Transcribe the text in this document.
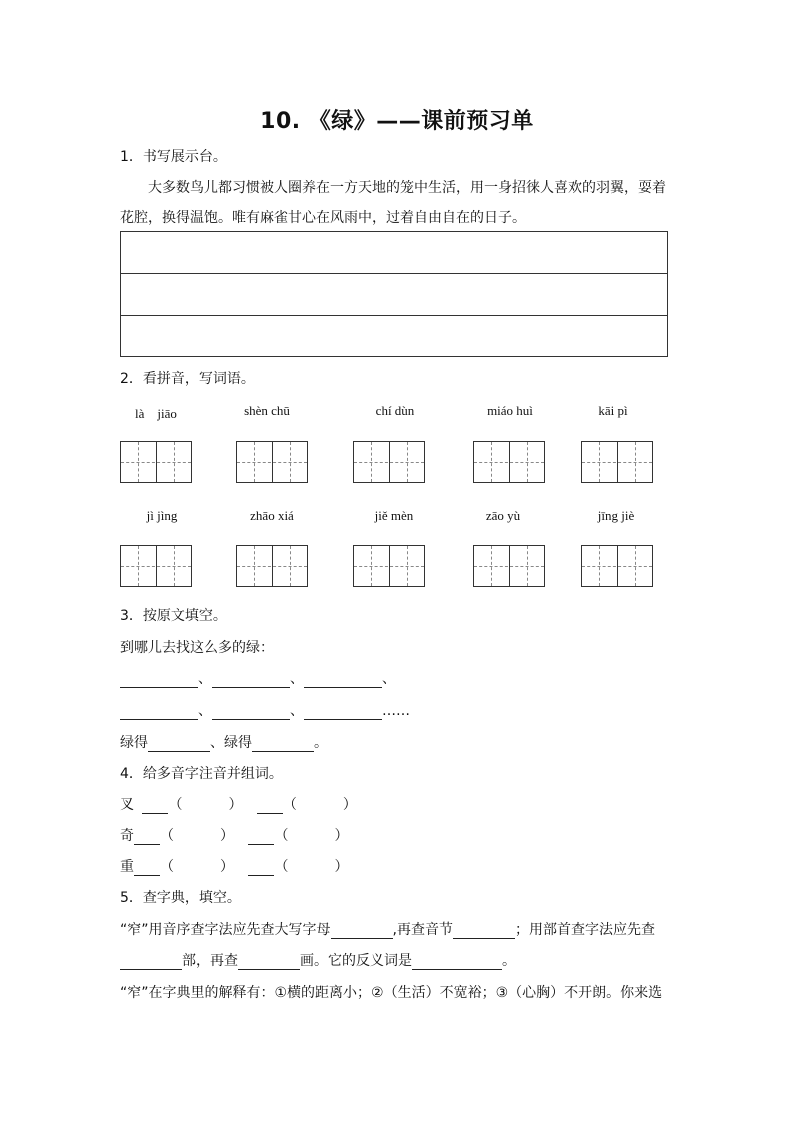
10. 《绿》——课前预习单
1．书写展示台。
大多数鸟儿都习惯被人圈养在一方天地的笼中生活，用一身招徕人喜欢的羽翼，耍着
花腔，换得温饱。唯有麻雀甘心在风雨中，过着自由自在的日子。
2．看拼音，写词语。
là　jiāo	shèn chū	chí dùn	miáo huì	kāi pì
jì jìng	zhāo xiá	jiě mèn	zāo yù	jīng jiè
3．按原文填空。
到哪儿去找这么多的绿：
、	、	、
、	、	……
绿得	、绿得	。
4．给多音字注音并组词。
叉 （	）	（	）
奇 （	）	（	）
重 （	）	（	）
5．查字典，填空。
“窄”用音序查字法应先查大写字母	,再查音节	；用部首查字法应先查
部，再查	画。它的反义词是	。
“窄”在字典里的解释有：①横的距离小；②（生活）不宽裕；③（心胸）不开朗。你来选
